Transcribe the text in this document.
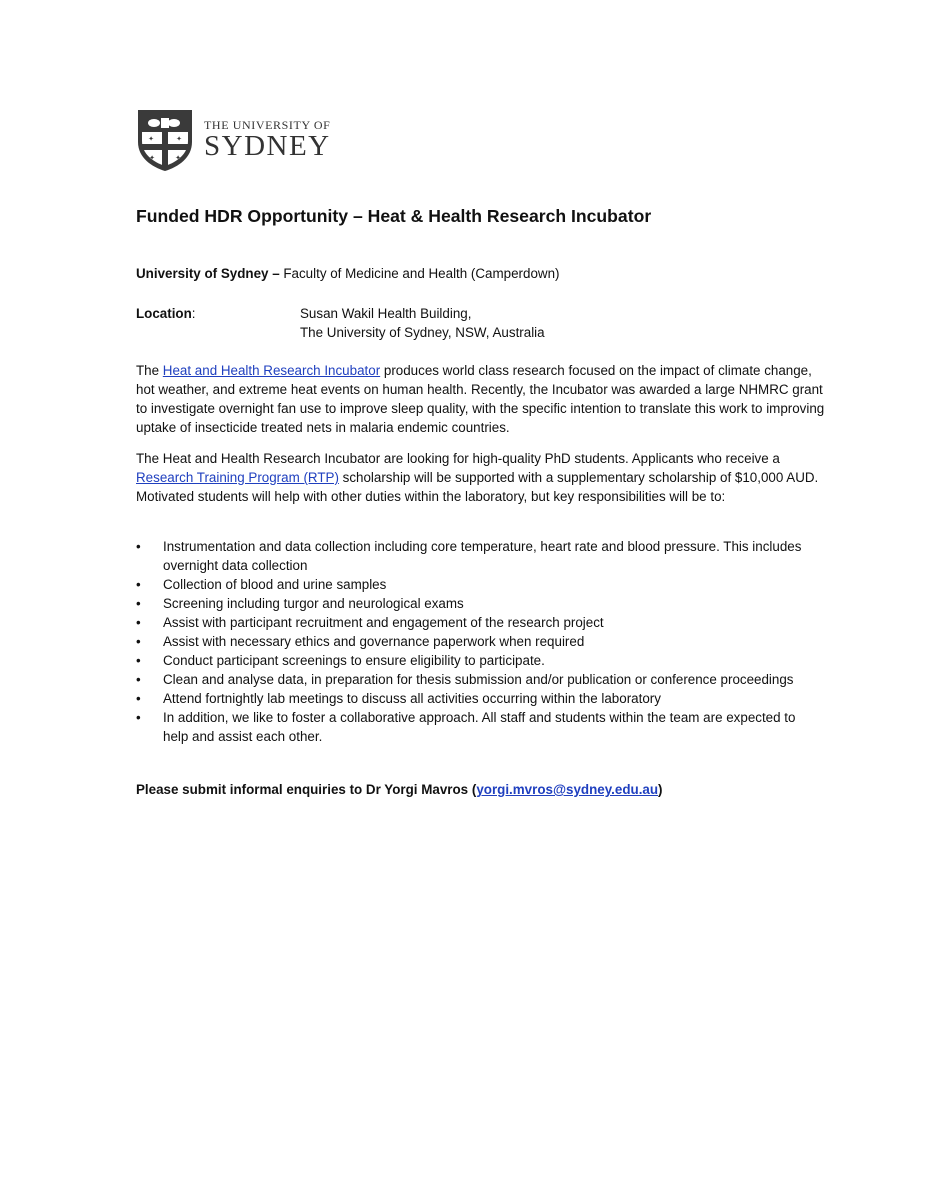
✦	✦
✦	✦
THE UNIVERSITY OF
SYDNEY
Funded HDR Opportunity – Heat & Health Research Incubator
University of Sydney – Faculty of Medicine and Health (Camperdown)
Location:	Susan Wakil Health Building,
The University of Sydney, NSW, Australia
The Heat and Health Research Incubator produces world class research focused on the impact of climate change, hot weather, and extreme heat events on human health. Recently, the Incubator was awarded a large NHMRC grant to investigate overnight fan use to improve sleep quality, with the specific intention to translate this work to improving uptake of insecticide treated nets in malaria endemic countries.
The Heat and Health Research Incubator are looking for high-quality PhD students. Applicants who receive a Research Training Program (RTP) scholarship will be supported with a supplementary scholarship of $10,000 AUD. Motivated students will help with other duties within the laboratory, but key responsibilities will be to:
• Instrumentation and data collection including core temperature, heart rate and blood pressure. This includes overnight data collection
• Collection of blood and urine samples
• Screening including turgor and neurological exams
• Assist with participant recruitment and engagement of the research project
• Assist with necessary ethics and governance paperwork when required
• Conduct participant screenings to ensure eligibility to participate.
• Clean and analyse data, in preparation for thesis submission and/or publication or conference proceedings
• Attend fortnightly lab meetings to discuss all activities occurring within the laboratory
• In addition, we like to foster a collaborative approach. All staff and students within the team are expected to help and assist each other.
Please submit informal enquiries to Dr Yorgi Mavros (yorgi.mvros@sydney.edu.au)
